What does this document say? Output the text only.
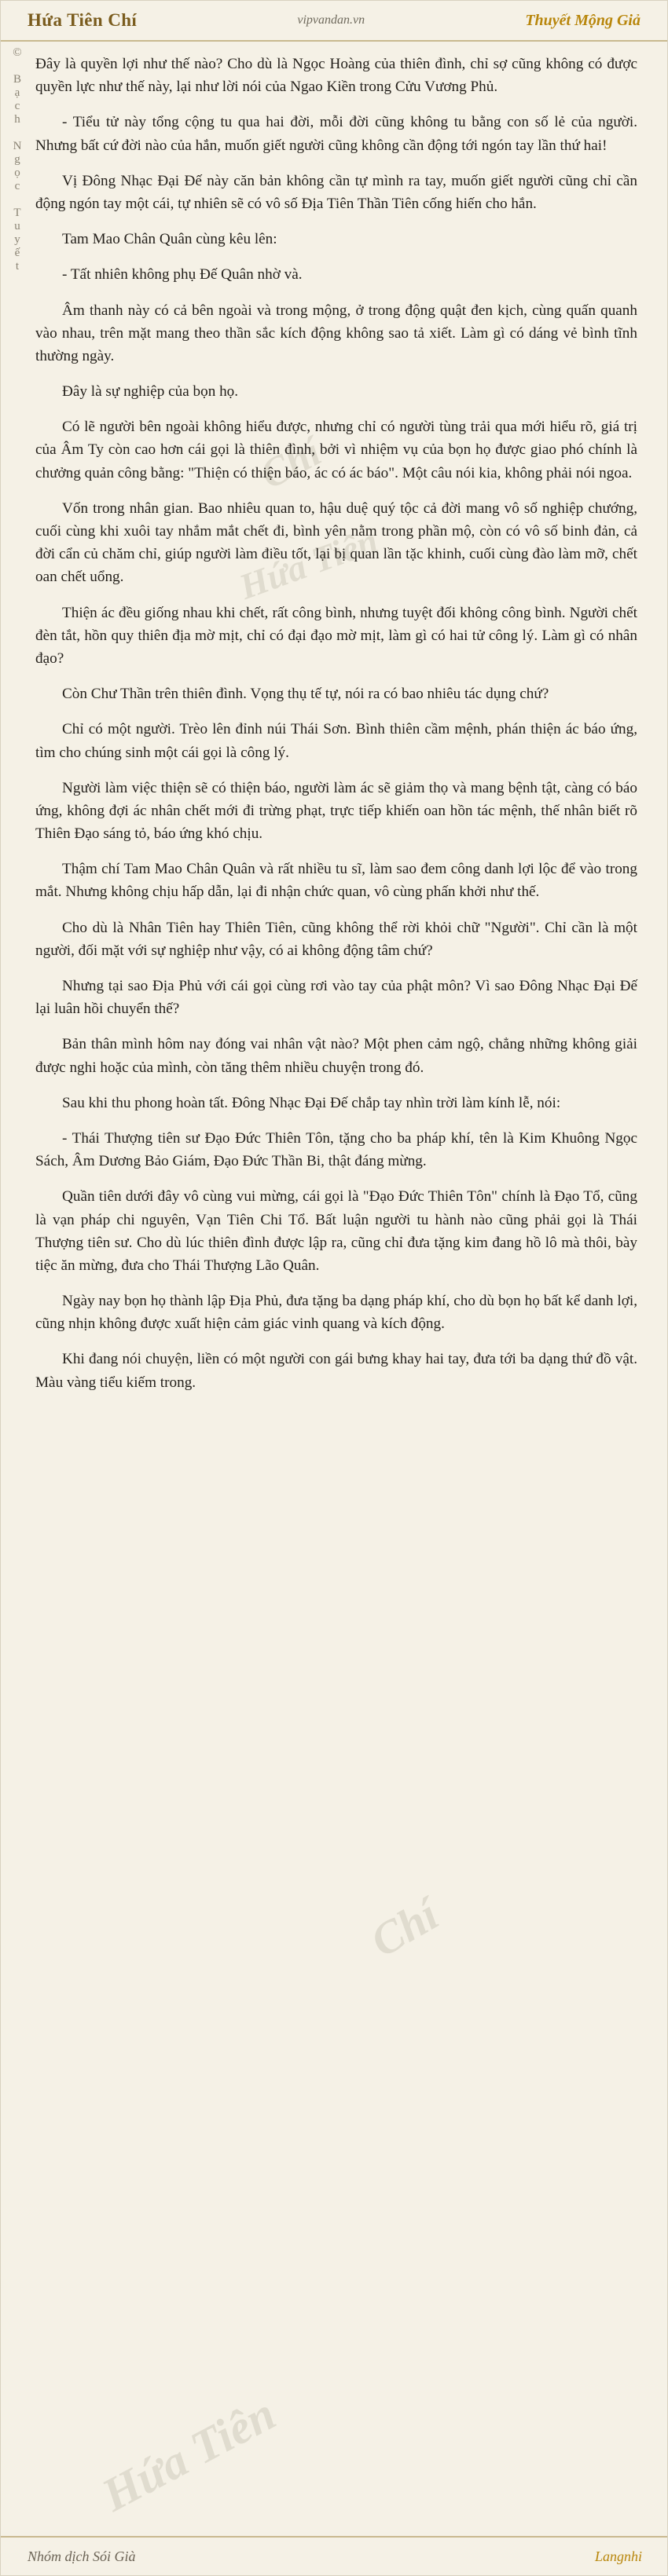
Hứa Tiên Chí	vipvandan.vn	Thuyết Mộng Giả
© Bạch Ngọc Tuyết
Chí
Hứa Tiên
Chí
Hứa Tiên

Đây là quyền lợi như thế nào? Cho dù là Ngọc Hoàng của thiên đình, chỉ sợ cũng không có được quyền lực như thế này, lại như lời nói của Ngao Kiền trong Cửu Vương Phủ.

- Tiểu tử này tổng cộng tu qua hai đời, mỗi đời cũng không tu bằng con số lẻ của người. Nhưng bất cứ đời nào của hắn, muốn giết người cũng không cần động tới ngón tay lần thứ hai!

Vị Đông Nhạc Đại Đế này căn bản không cần tự mình ra tay, muốn giết người cũng chỉ cần động ngón tay một cái, tự nhiên sẽ có vô số Địa Tiên Thần Tiên cống hiến cho hắn.

Tam Mao Chân Quân cùng kêu lên:

- Tất nhiên không phụ Đế Quân nhờ và.

Âm thanh này có cả bên ngoài và trong mộng, ở trong động quật đen kịch, cùng quấn quanh vào nhau, trên mặt mang theo thần sắc kích động không sao tả xiết. Làm gì có dáng vẻ bình tĩnh thường ngày.

Đây là sự nghiệp của bọn họ.

Có lẽ người bên ngoài không hiểu được, nhưng chỉ có người tùng trải qua mới hiểu rõ, giá trị của Âm Ty còn cao hơn cái gọi là thiên đình, bởi vì nhiệm vụ của bọn họ được giao phó chính là chưởng quản công bằng: "Thiện có thiện báo, ác có ác báo". Một câu nói kia, không phải nói ngoa.

Vốn trong nhân gian. Bao nhiêu quan to, hậu duệ quý tộc cả đời mang vô số nghiệp chướng, cuối cùng khi xuôi tay nhắm mắt chết đi, bình yên nằm trong phần mộ, còn có vô số binh đản, cả đời cẩn củ chăm chỉ, giúp người làm điều tốt, lại bị quan lần tặc khinh, cuối cùng đào làm mỡ, chết oan chết uổng.

Thiện ác đều giống nhau khi chết, rất công bình, nhưng tuyệt đối không công bình. Người chết đèn tắt, hồn quy thiên địa mờ mịt, chỉ có đại đạo mờ mịt, làm gì có hai tử công lý. Làm gì có nhân đạo?

Còn Chư Thần trên thiên đình. Vọng thụ tế tự, nói ra có bao nhiêu tác dụng chứ?

Chỉ có một người. Trèo lên đỉnh núi Thái Sơn. Bình thiên cầm mệnh, phán thiện ác báo ứng, tìm cho chúng sinh một cái gọi là công lý.

Người làm việc thiện sẽ có thiện báo, người làm ác sẽ giảm thọ và mang bệnh tật, càng có báo ứng, không đợi ác nhân chết mới đi trừng phạt, trực tiếp khiến oan hồn tác mệnh, thế nhân biết rõ Thiên Đạo sáng tỏ, báo ứng khó chịu.

Thậm chí Tam Mao Chân Quân và rất nhiều tu sĩ, làm sao đem công danh lợi lộc để vào trong mắt. Nhưng không chịu hấp dẫn, lại đi nhận chức quan, vô cùng phấn khởi như thế.

Cho dù là Nhân Tiên hay Thiên Tiên, cũng không thể rời khỏi chữ "Người". Chỉ cần là một người, đối mặt với sự nghiệp như vậy, có ai không động tâm chứ?

Nhưng tại sao Địa Phủ với cái gọi cùng rơi vào tay của phật môn? Vì sao Đông Nhạc Đại Đế lại luân hồi chuyển thế?

Bản thân mình hôm nay đóng vai nhân vật nào? Một phen cảm ngộ, chẳng những không giải được nghi hoặc của mình, còn tăng thêm nhiều chuyện trong đó.

Sau khi thu phong hoàn tất. Đông Nhạc Đại Đế chắp tay nhìn trời làm kính lễ, nói:

- Thái Thượng tiên sư Đạo Đức Thiên Tôn, tặng cho ba pháp khí, tên là Kim Khuông Ngọc Sách, Âm Dương Bảo Giám, Đạo Đức Thần Bi, thật đáng mừng.

Quần tiên dưới đây vô cùng vui mừng, cái gọi là "Đạo Đức Thiên Tôn" chính là Đạo Tổ, cũng là vạn pháp chi nguyên, Vạn Tiên Chi Tổ. Bất luận người tu hành nào cũng phải gọi là Thái Thượng tiên sư. Cho dù lúc thiên đình được lập ra, cũng chỉ đưa tặng kim đang hồ lô mà thôi, bày tiệc ăn mừng, đưa cho Thái Thượng Lão Quân.

Ngày nay bọn họ thành lập Địa Phủ, đưa tặng ba dạng pháp khí, cho dù bọn họ bất kể danh lợi, cũng nhịn không được xuất hiện cảm giác vinh quang và kích động.

Khi đang nói chuyện, liền có một người con gái bưng khay hai tay, đưa tới ba dạng thứ đồ vật. Màu vàng tiểu kiếm trong.

Nhóm dịch Sói Già	Langnhi
